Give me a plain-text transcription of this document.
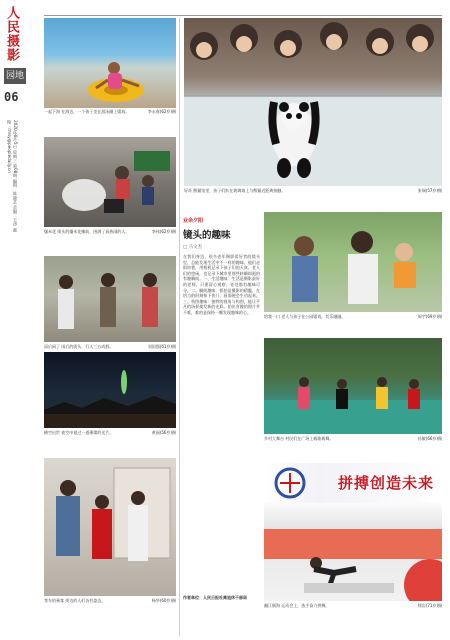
人民摄影
园地
06
2020年8月5日 星期三 第08期 编辑：陈晓艺 美编：王涛 邮箱：rmsy@peopledaily.cn
李永春(62岁)摄
一起下海 在海边，一个孩子坐在游泳圈上嬉戏。
张瑞(57岁)摄
好奇 熊猫馆里，孩子们趴在玻璃墙上与熊猫近距离接触。
李伟(62岁)摄
爆米花 街头的爆米花摊前，围满了看热闹的人。
业余夕阳
镜头的趣味
□ 马文杰
在我们身边，很多老年摄影爱好者的镜头里，总能发现生活中不一样的趣味。他们走街串巷，用相机记录下孩子们的天真、老人们的悠闲，也记录下城市里那些转瞬即逝的有趣瞬间。一、生活趣味：生活是摄影最好的老师，只要留心观察，处处都有趣味可寻。二、瞬间趣味：抓拍是摄影的精髓，在恰当的时刻按下快门，画面便会生动起来。三、构图趣味：独特的视角与构图，能让平凡的场景焕发新的光彩。拍出有趣的照片并不难，难的是保持一颗发现趣味的心。
作者单位：人民日报社离退休干部局
周宇(69岁)摄
给我一口 老人与孩子在公园嬉戏，其乐融融。
刘国强(61岁)摄
雨后闲了 雨后的街头，行人三五成群。
孙敏(66岁)摄
乡村大舞台 村民们在广场上载歌载舞。
黄丽(56岁)摄
横空出世 夜空中划过一道璀璨的光芒。
杨华(60岁)摄
等车的乘客 街边的人们各有姿态。
拼搏创造未来
徐岩(71岁)摄
翻江倒海 运动会上，选手奋力拼搏。
